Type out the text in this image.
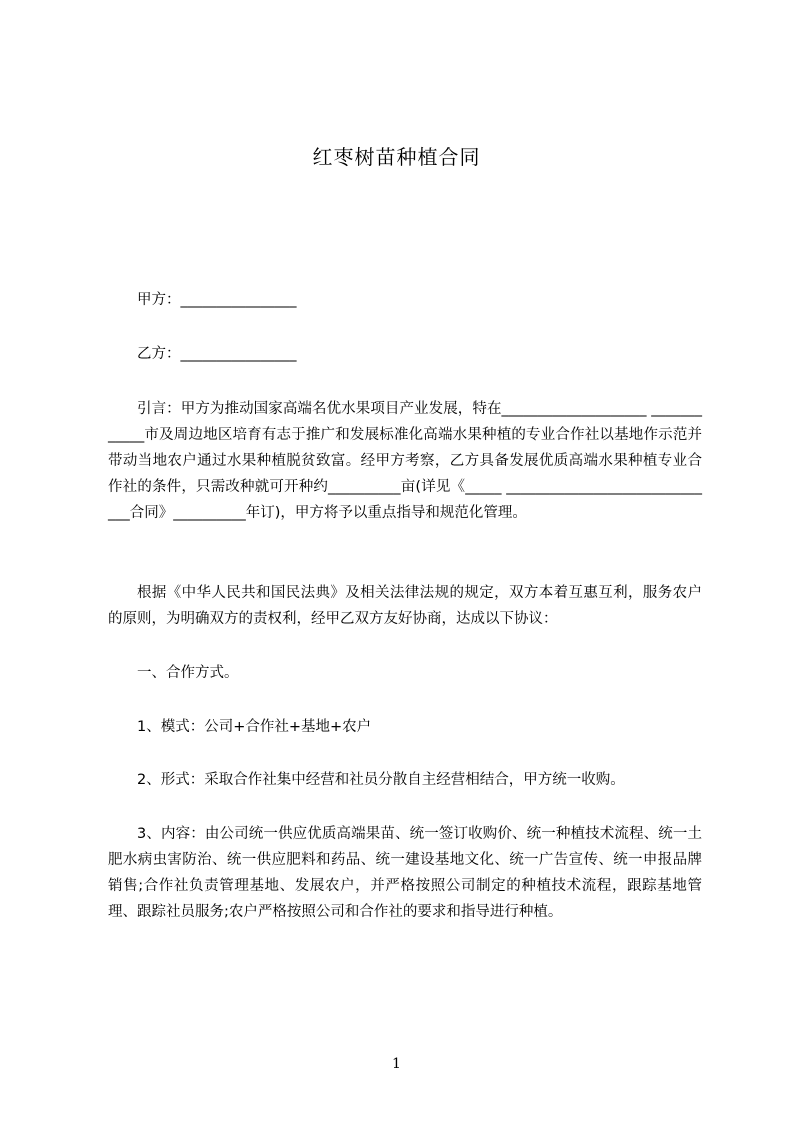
红枣树苗种植合同
甲方：________________
乙方：________________

引言：甲方为推动国家高端名优水果项目产业发展，特在____________________ ____________市及周边地区培育有志于推广和发展标准化高端水果种植的专业合作社以基地作示范并带动当地农户通过水果种植脱贫致富。经甲方考察，乙方具备发展优质高端水果种植专业合作社的条件，只需改种就可开种约__________亩(详见《_____ ______________________________合同》__________年订)，甲方将予以重点指导和规范化管理。

根据《中华人民共和国民法典》及相关法律法规的规定，双方本着互惠互利，服务农户的原则，为明确双方的责权利，经甲乙双方友好协商，达成以下协议：

一、合作方式。
1、模式：公司+合作社+基地+农户
2、形式：采取合作社集中经营和社员分散自主经营相结合，甲方统一收购。

3、内容：由公司统一供应优质高端果苗、统一签订收购价、统一种植技术流程、统一土肥水病虫害防治、统一供应肥料和药品、统一建设基地文化、统一广告宣传、统一申报品牌销售;合作社负责管理基地、发展农户，并严格按照公司制定的种植技术流程，跟踪基地管理、跟踪社员服务;农户严格按照公司和合作社的要求和指导进行种植。

1
